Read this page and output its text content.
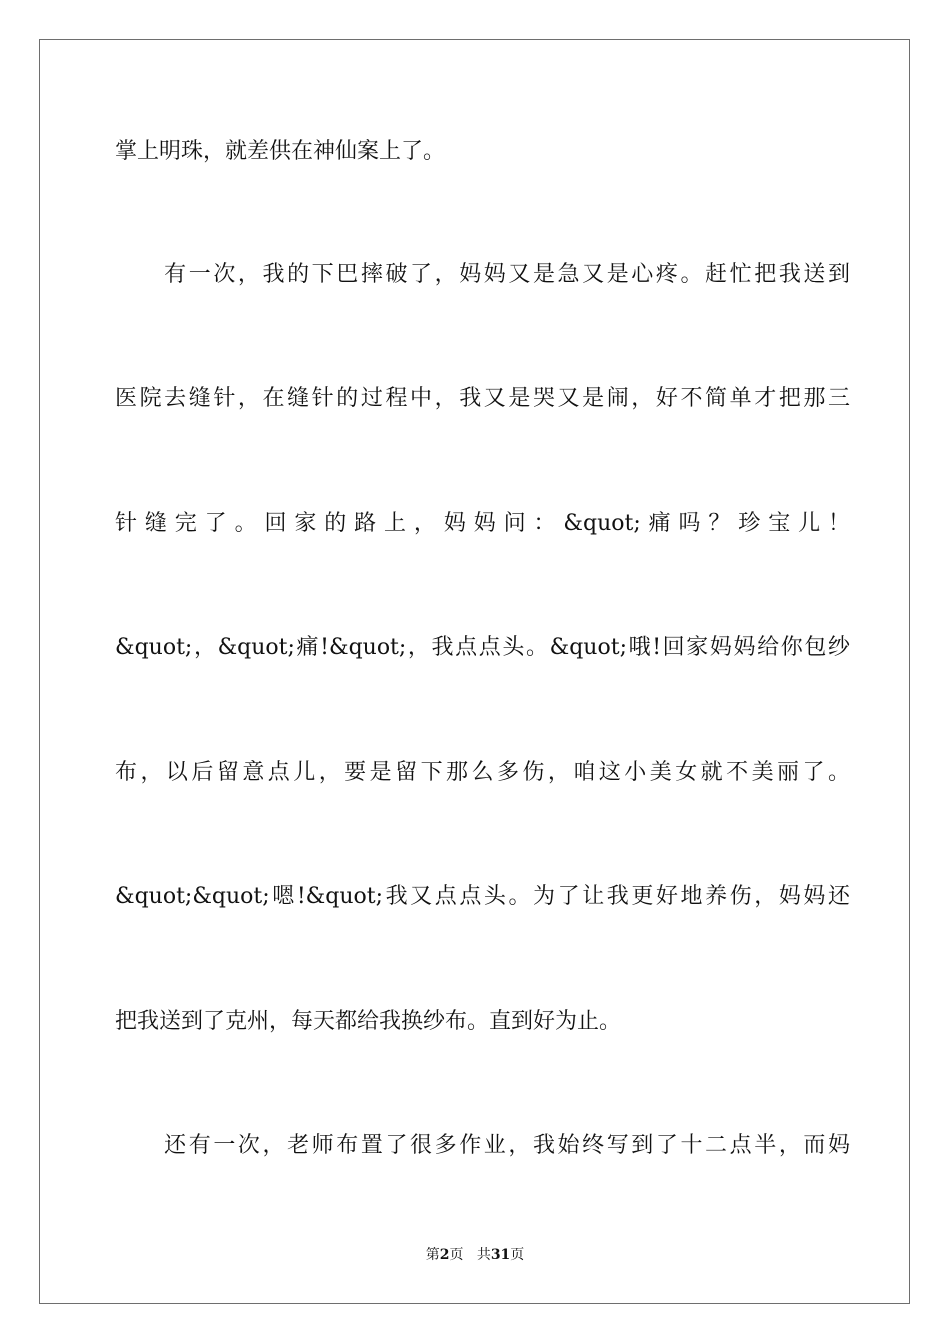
掌上明珠，就差供在神仙案上了。
　　有一次，我的下巴摔破了，妈妈又是急又是心疼。赶忙把我送到
医院去缝针，在缝针的过程中，我又是哭又是闹，好不简单才把那三
针缝完了。回家的路上，妈妈问：&quot;痛吗？珍宝儿！
&quot;，&quot;痛!&quot;，我点点头。&quot;哦!回家妈妈给你包纱
布，以后留意点儿，要是留下那么多伤，咱这小美女就不美丽了。
&quot;&quot;嗯!&quot;我又点点头。为了让我更好地养伤，妈妈还
把我送到了克州，每天都给我换纱布。直到好为止。
　　还有一次，老师布置了很多作业，我始终写到了十二点半，而妈
第2页 共31页
